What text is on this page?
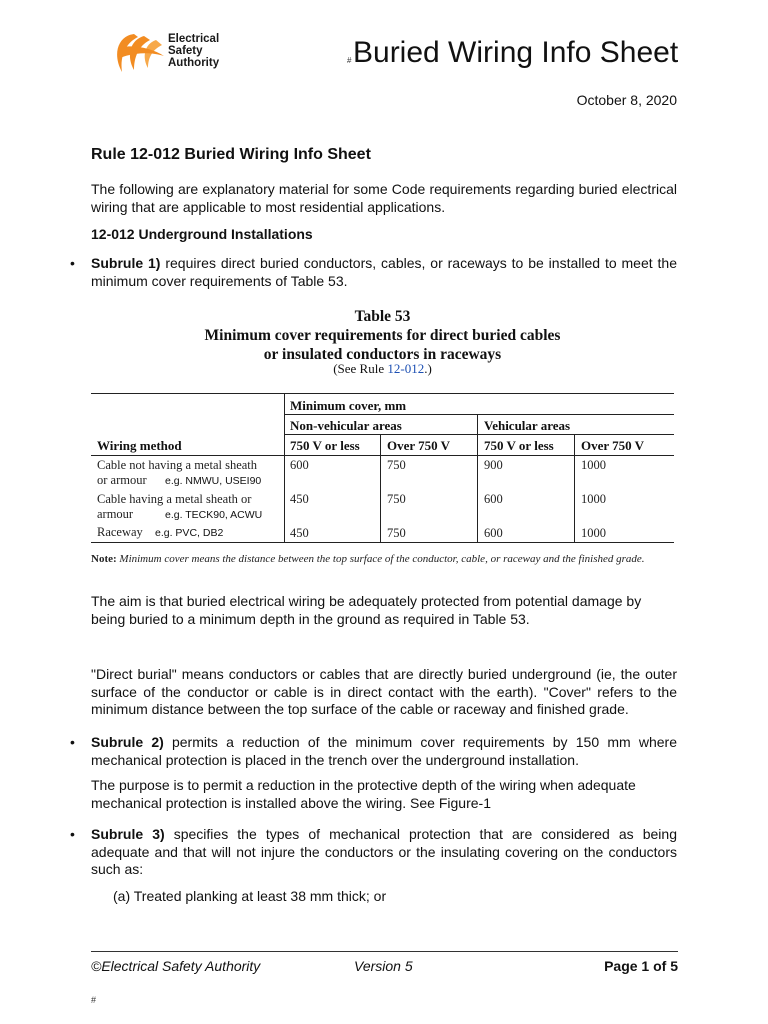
Electrical
Safety
Authority	# Buried Wiring Info Sheet
October 8, 2020
Rule 12-012 Buried Wiring Info Sheet
The following are explanatory material for some Code requirements regarding buried electrical wiring that are applicable to most residential applications.
12-012 Underground Installations
•	Subrule 1) requires direct buried conductors, cables, or raceways to be installed to meet the minimum cover requirements of Table 53.
Table 53
Minimum cover requirements for direct buried cables
or insulated conductors in raceways
(See Rule 12-012.)
Minimum cover, mm
Non-vehicular areas	Vehicular areas
Wiring method	750 V or less Over 750 V	750 V or less Over 750 V
Cable not having a metal sheath
or armour e.g. NMWU, USEI90
600	750	900	1000
Cable having a metal sheath or
armour	e.g. TECK90, ACWU
450	750	600	1000
Raceway e.g. PVC, DB2	450	750	600	1000
Note: Minimum cover means the distance between the top surface of the conductor, cable, or raceway and the finished grade.
The aim is that buried electrical wiring be adequately protected from potential damage by being buried to a minimum depth in the ground as required in Table 53.
"Direct burial" means conductors or cables that are directly buried underground (ie, the outer surface of the conductor or cable is in direct contact with the earth). "Cover" refers to the minimum distance between the top surface of the cable or raceway and finished grade.
•	Subrule 2) permits a reduction of the minimum cover requirements by 150 mm where mechanical protection is placed in the trench over the underground installation.
The purpose is to permit a reduction in the protective depth of the wiring when adequate mechanical protection is installed above the wiring. See Figure-1
•	Subrule 3) specifies the types of mechanical protection that are considered as being adequate and that will not injure the conductors or the insulating covering on the conductors such as:
(a) Treated planking at least 38 mm thick; or
©Electrical Safety Authority	Version 5	Page 1 of 5
#
